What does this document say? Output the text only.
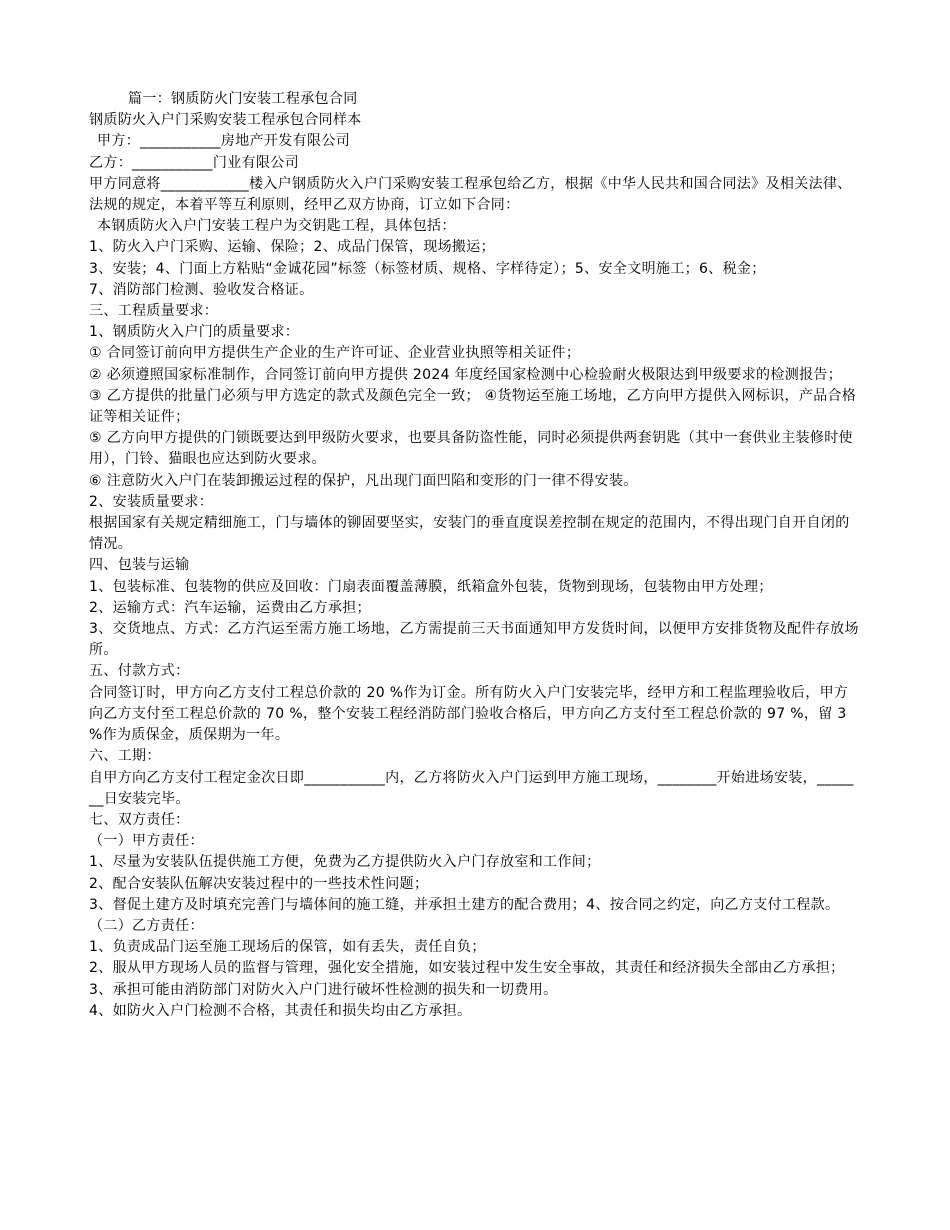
篇一：钢质防火门安装工程承包合同

钢质防火入户门采购安装工程承包合同样本

甲方：___________房地产开发有限公司

乙方：___________门业有限公司

甲方同意将____________楼入户钢质防火入户门采购安装工程承包给乙方，根据《中华人民共和国合同法》及相关法律、法规的规定，本着平等互利原则，经甲乙双方协商，订立如下合同：

本钢质防火入户门安装工程户为交钥匙工程，具体包括：

1、防火入户门采购、运输、保险；2、成品门保管，现场搬运；

3、安装；4、门面上方粘贴“金诚花园”标签（标签材质、规格、字样待定）；5、安全文明施工；6、税金；

7、消防部门检测、验收发合格证。

三、工程质量要求：

1、钢质防火入户门的质量要求：

① 合同签订前向甲方提供生产企业的生产许可证、企业营业执照等相关证件；

② 必须遵照国家标准制作，合同签订前向甲方提供 2024 年度经国家检测中心检验耐火极限达到甲级要求的检测报告；

③ 乙方提供的批量门必须与甲方选定的款式及颜色完全一致； ④货物运至施工场地，乙方向甲方提供入网标识，产品合格证等相关证件；

⑤ 乙方向甲方提供的门锁既要达到甲级防火要求，也要具备防盗性能，同时必须提供两套钥匙（其中一套供业主装修时使用），门铃、猫眼也应达到防火要求。

⑥ 注意防火入户门在装卸搬运过程的保护，凡出现门面凹陷和变形的门一律不得安装。

2、安装质量要求：

根据国家有关规定精细施工，门与墙体的铆固要坚实，安装门的垂直度误差控制在规定的范围内，不得出现门自开自闭的情况。

四、包装与运输

1、包装标准、包装物的供应及回收：门扇表面覆盖薄膜，纸箱盒外包装，货物到现场，包装物由甲方处理；

2、运输方式：汽车运输，运费由乙方承担；

3、交货地点、方式：乙方汽运至需方施工场地，乙方需提前三天书面通知甲方发货时间，以便甲方安排货物及配件存放场所。

五、付款方式：

合同签订时，甲方向乙方支付工程总价款的 20 %作为订金。所有防火入户门安装完毕，经甲方和工程监理验收后，甲方向乙方支付至工程总价款的 70 %，整个安装工程经消防部门验收合格后，甲方向乙方支付至工程总价款的 97 %，留 3 %作为质保金，质保期为一年。

六、工期：

自甲方向乙方支付工程定金次日即___________内，乙方将防火入户门运到甲方施工现场，________开始进场安装，_______日安装完毕。

七、双方责任：

（一）甲方责任：

1、尽量为安装队伍提供施工方便，免费为乙方提供防火入户门存放室和工作间；

2、配合安装队伍解决安装过程中的一些技术性问题；

3、督促土建方及时填充完善门与墙体间的施工缝，并承担土建方的配合费用；4、按合同之约定，向乙方支付工程款。

（二）乙方责任：

1、负责成品门运至施工现场后的保管，如有丢失，责任自负；

2、服从甲方现场人员的监督与管理，强化安全措施，如安装过程中发生安全事故，其责任和经济损失全部由乙方承担；

3、承担可能由消防部门对防火入户门进行破坏性检测的损失和一切费用。

4、如防火入户门检测不合格，其责任和损失均由乙方承担。
